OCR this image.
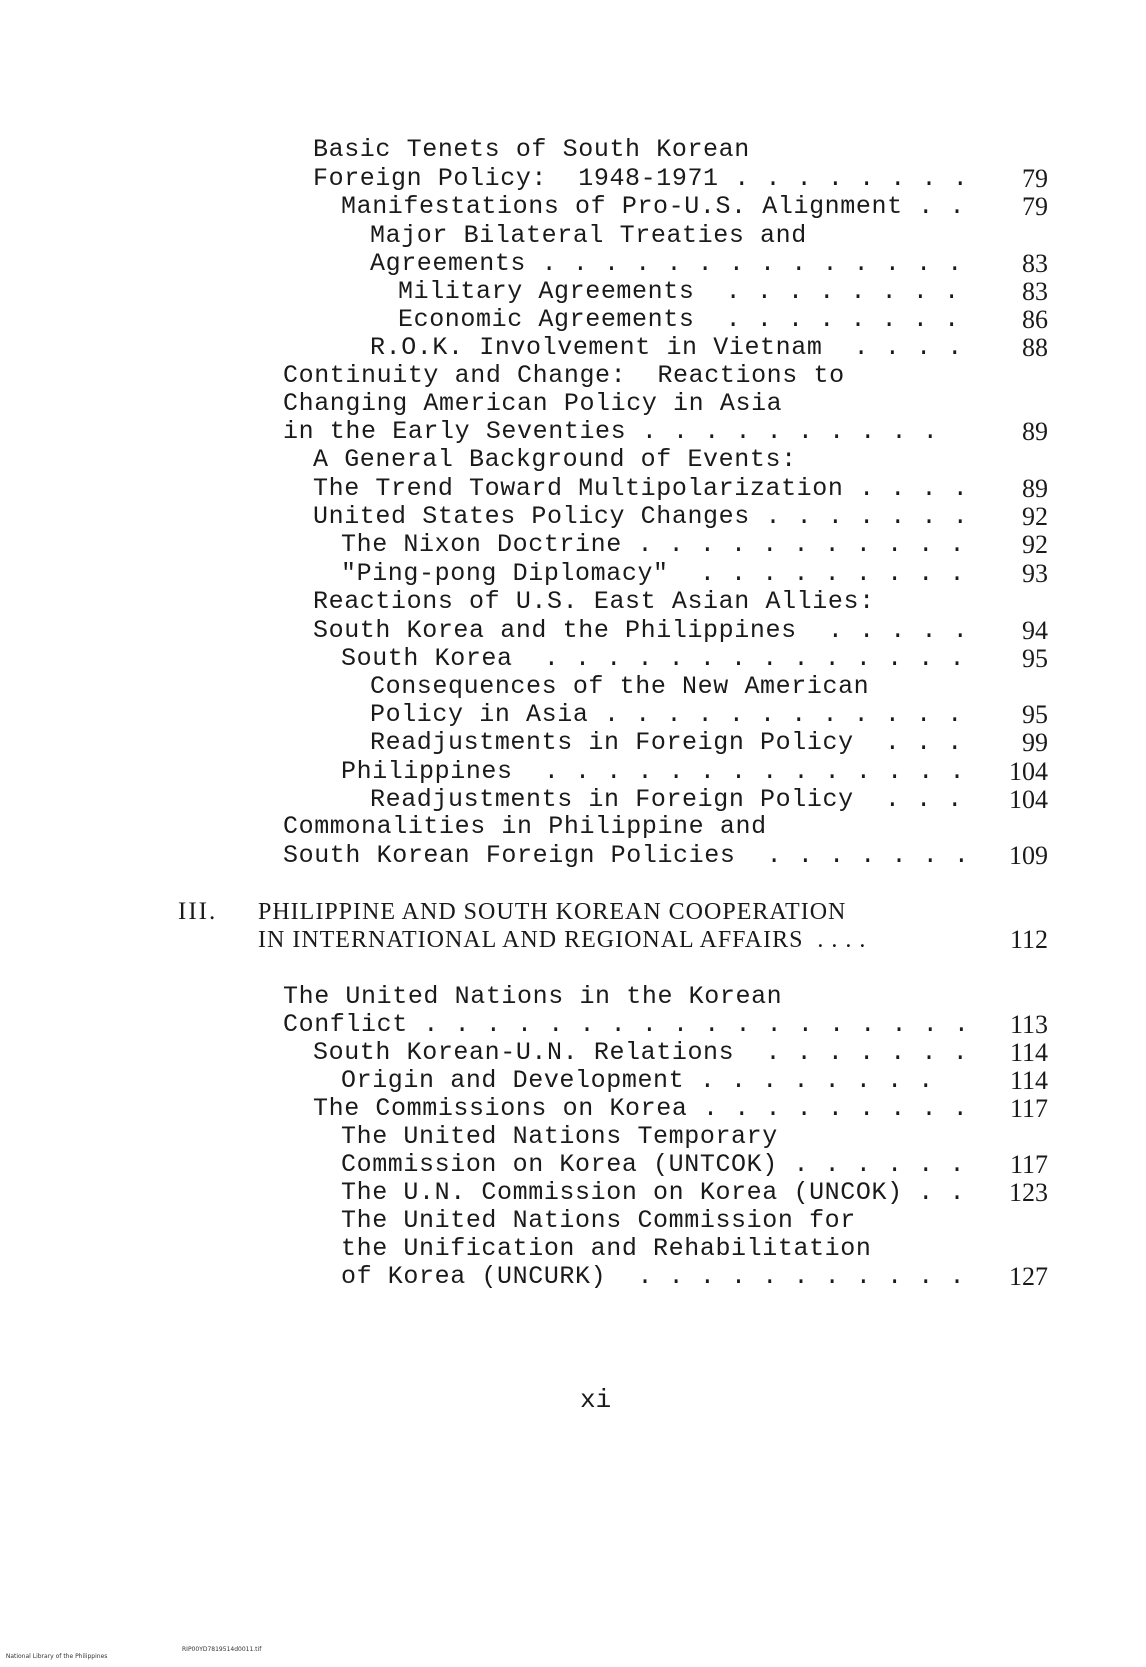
Basic Tenets of South Korean
Foreign Policy:  1948-1971 . . . . . . . .	79
Manifestations of Pro-U.S. Alignment . .	79
Major Bilateral Treaties and
Agreements . . . . . . . . . . . . . .	83
Military Agreements  . . . . . . . .	83
Economic Agreements  . . . . . . . .	86
R.O.K. Involvement in Vietnam  . . . .	88
Continuity and Change:  Reactions to
Changing American Policy in Asia
in the Early Seventies . . . . . . . . . .	89
A General Background of Events:
The Trend Toward Multipolarization . . . .	89
United States Policy Changes . . . . . . .	92
The Nixon Doctrine . . . . . . . . . . .	92
"Ping-pong Diplomacy"  . . . . . . . . .	93
Reactions of U.S. East Asian Allies:
South Korea and the Philippines  . . . . .	94
South Korea  . . . . . . . . . . . . . .	95
Consequences of the New American
Policy in Asia . . . . . . . . . . . .	95
Readjustments in Foreign Policy  . . .	99
Philippines  . . . . . . . . . . . . . .	104
Readjustments in Foreign Policy  . . .	104
Commonalities in Philippine and
South Korean Foreign Policies  . . . . . . .	109
III. PHILIPPINE AND SOUTH KOREAN COOPERATION
IN INTERNATIONAL AND REGIONAL AFFAIRS  . . . .	112
The United Nations in the Korean
Conflict . . . . . . . . . . . . . . . . . .	113
South Korean-U.N. Relations  . . . . . . .	114
Origin and Development . . . . . . . .	114
The Commissions on Korea . . . . . . . . .	117
The United Nations Temporary
Commission on Korea (UNTCOK) . . . . . .	117
The U.N. Commission on Korea (UNCOK) . .	123
The United Nations Commission for
the Unification and Rehabilitation
of Korea (UNCURK)  . . . . . . . . . . .	127
xi

National Library of the Philippines

RIP00YD7819514d0011.tif
